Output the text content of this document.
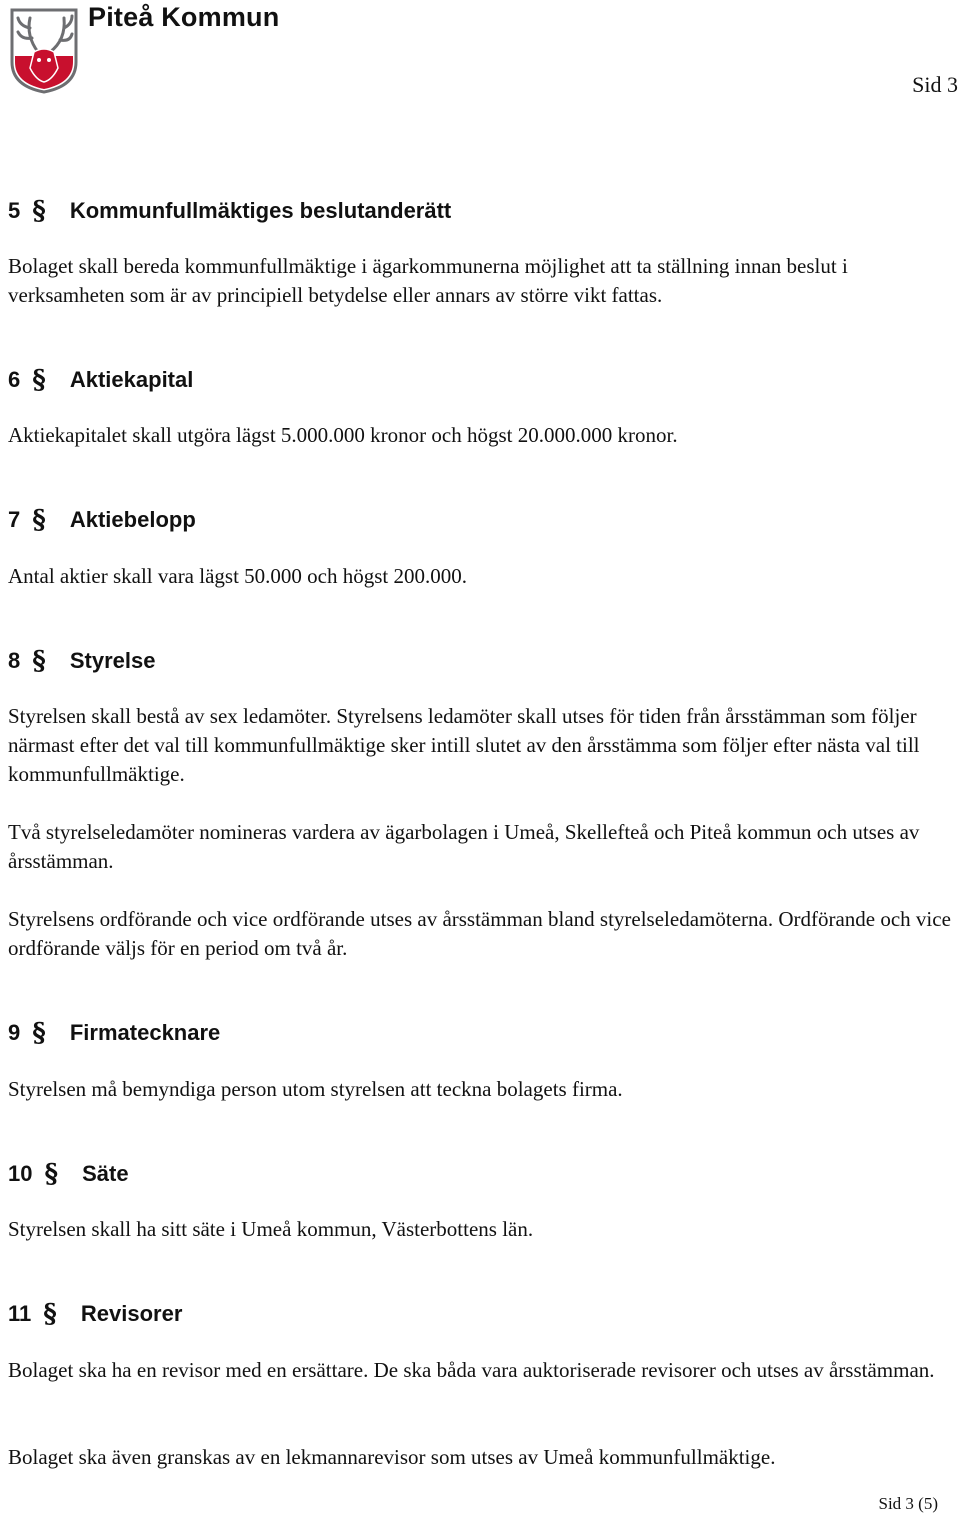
Piteå Kommun
Sid 3
5 § Kommunfullmäktiges beslutanderätt
Bolaget skall bereda kommunfullmäktige i ägarkommunerna möjlighet att ta ställning innan beslut i verksamheten som är av principiell betydelse eller annars av större vikt fattas.
6 § Aktiekapital
Aktiekapitalet skall utgöra lägst 5.000.000 kronor och högst 20.000.000 kronor.
7 § Aktiebelopp
Antal aktier skall vara lägst 50.000 och högst 200.000.
8 § Styrelse
Styrelsen skall bestå av sex ledamöter. Styrelsens ledamöter skall utses för tiden från årsstämman som följer närmast efter det val till kommunfullmäktige sker intill slutet av den årsstämma som följer efter nästa val till kommunfullmäktige.
Två styrelseledamöter nomineras vardera av ägarbolagen i Umeå, Skellefteå och Piteå kommun och utses av årsstämman.
Styrelsens ordförande och vice ordförande utses av årsstämman bland styrelseledamöterna. Ordförande och vice ordförande väljs för en period om två år.
9 § Firmatecknare
Styrelsen må bemyndiga person utom styrelsen att teckna bolagets firma.
10 § Säte
Styrelsen skall ha sitt säte i Umeå kommun, Västerbottens län.
11 § Revisorer
Bolaget ska ha en revisor med en ersättare. De ska båda vara auktoriserade revisorer och utses av årsstämman.
Bolaget ska även granskas av en lekmannarevisor som utses av Umeå kommunfullmäktige.
Sid 3 (5)
